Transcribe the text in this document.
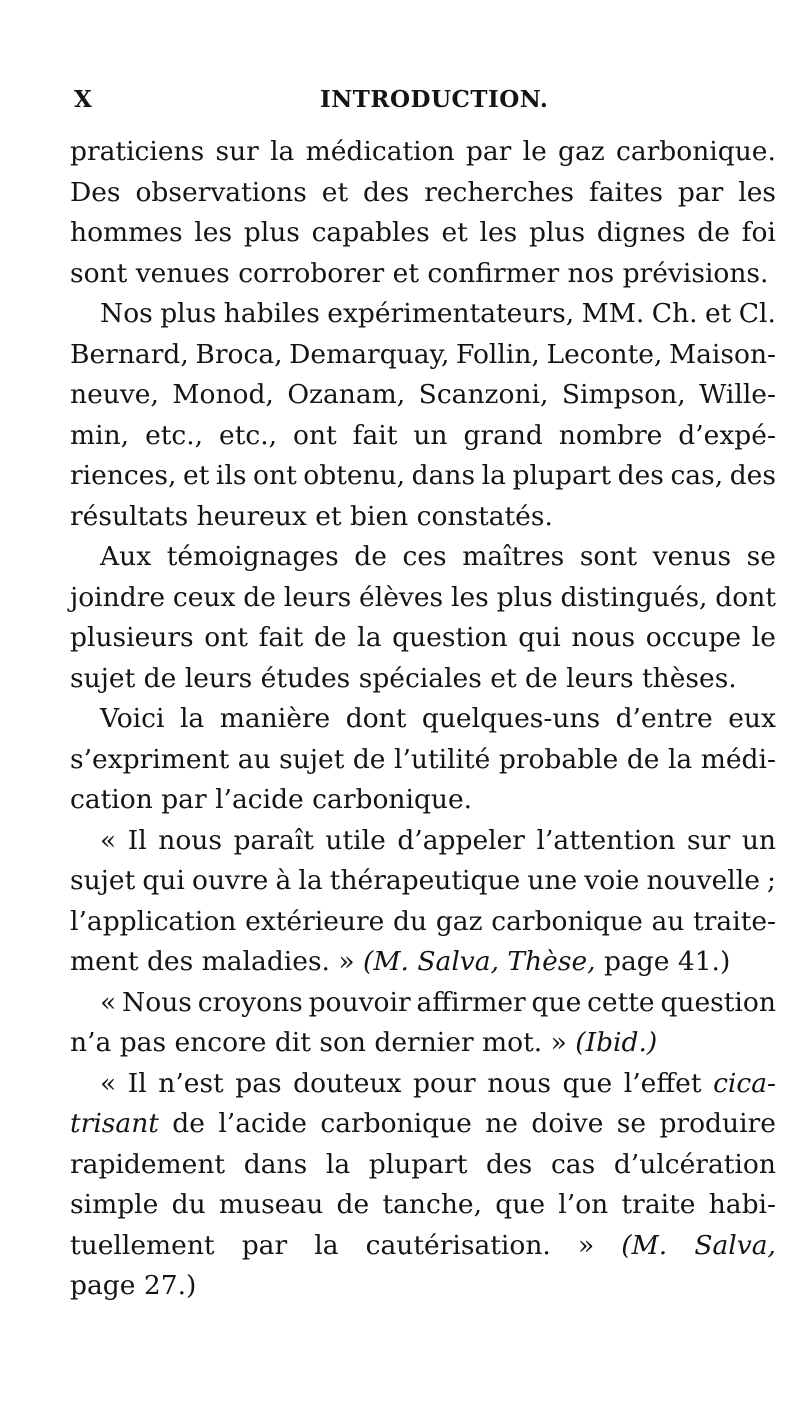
X	INTRODUCTION.
praticiens sur la médication par le gaz carbonique.
Des observations et des recherches faites par les
hommes les plus capables et les plus dignes de foi
sont venues corroborer et confirmer nos prévisions.
Nos plus habiles expérimentateurs, MM. Ch. et Cl.
Bernard, Broca, Demarquay, Follin, Leconte, Maison-
neuve, Monod, Ozanam, Scanzoni, Simpson, Wille-
min, etc., etc., ont fait un grand nombre d’expé-
riences, et ils ont obtenu, dans la plupart des cas, des
résultats heureux et bien constatés.
Aux témoignages de ces maîtres sont venus se
joindre ceux de leurs élèves les plus distingués, dont
plusieurs ont fait de la question qui nous occupe le
sujet de leurs études spéciales et de leurs thèses.
Voici la manière dont quelques-uns d’entre eux
s’expriment au sujet de l’utilité probable de la médi-
cation par l’acide carbonique.
« Il nous paraît utile d’appeler l’attention sur un
sujet qui ouvre à la thérapeutique une voie nouvelle ;
l’application extérieure du gaz carbonique au traite-
ment des maladies. » (M. Salva, Thèse, page 41.)
« Nous croyons pouvoir affirmer que cette question
n’a pas encore dit son dernier mot. » (Ibid.)
« Il n’est pas douteux pour nous que l’effet cica-
trisant de l’acide carbonique ne doive se produire
rapidement dans la plupart des cas d’ulcération
simple du museau de tanche, que l’on traite habi-
tuellement par la cautérisation. » (M. Salva,
page 27.)
